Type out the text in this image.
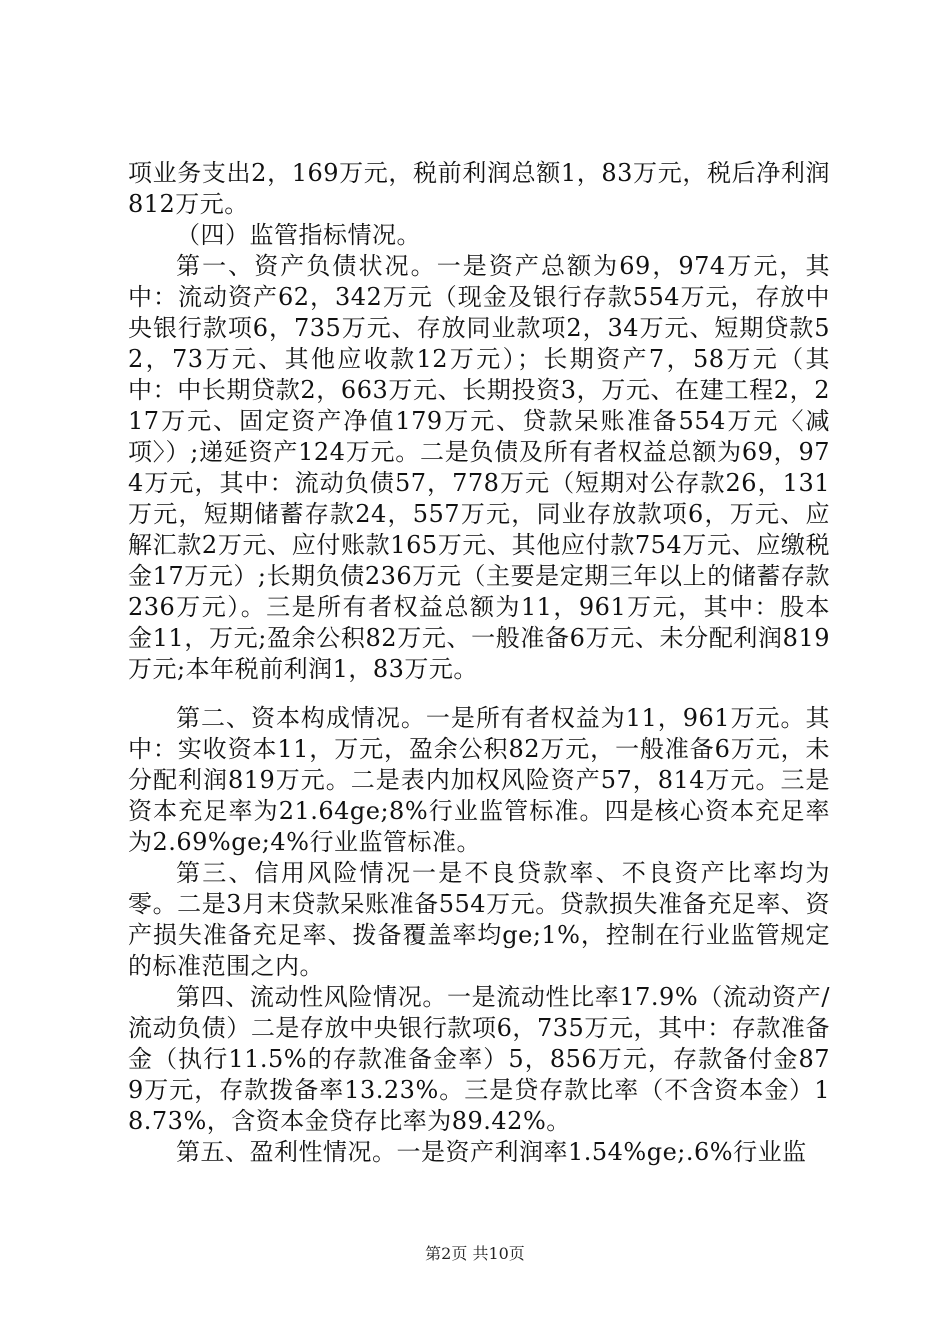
项业务支出2，169万元，税前利润总额1，83万元，税后净利润812万元。

（四）监管指标情况。

第一、资产负债状况。一是资产总额为69，974万元，其中：流动资产62，342万元（现金及银行存款554万元，存放中央银行款项6，735万元、存放同业款项2，34万元、短期贷款52，73万元、其他应收款12万元）；长期资产7，58万元（其中：中长期贷款2，663万元、长期投资3，万元、在建工程2，217万元、固定资产净值179万元、贷款呆账准备554万元〈减项〉）;递延资产124万元。二是负债及所有者权益总额为69，974万元，其中：流动负债57，778万元（短期对公存款26，131万元，短期储蓄存款24，557万元，同业存放款项6，万元、应解汇款2万元、应付账款165万元、其他应付款754万元、应缴税金17万元）;长期负债236万元（主要是定期三年以上的储蓄存款236万元）。三是所有者权益总额为11，961万元，其中：股本金11，万元;盈余公积82万元、一般准备6万元、未分配利润819万元;本年税前利润1，83万元。

第二、资本构成情况。一是所有者权益为11，961万元。其中：实收资本11，万元，盈余公积82万元，一般准备6万元，未分配利润819万元。二是表内加权风险资产57，814万元。三是资本充足率为21.64ge;8%行业监管标准。四是核心资本充足率为2.69%ge;4%行业监管标准。

第三、信用风险情况一是不良贷款率、不良资产比率均为零。二是3月末贷款呆账准备554万元。贷款损失准备充足率、资产损失准备充足率、拨备覆盖率均ge;1%，控制在行业监管规定的标准范围之内。

第四、流动性风险情况。一是流动性比率17.9%（流动资产/流动负债）二是存放中央银行款项6，735万元，其中：存款准备金（执行11.5%的存款准备金率）5，856万元，存款备付金879万元，存款拨备率13.23%。三是贷存款比率（不含资本金）18.73%，含资本金贷存比率为89.42%。

第五、盈利性情况。一是资产利润率1.54%ge;.6%行业监

第2页 共10页
